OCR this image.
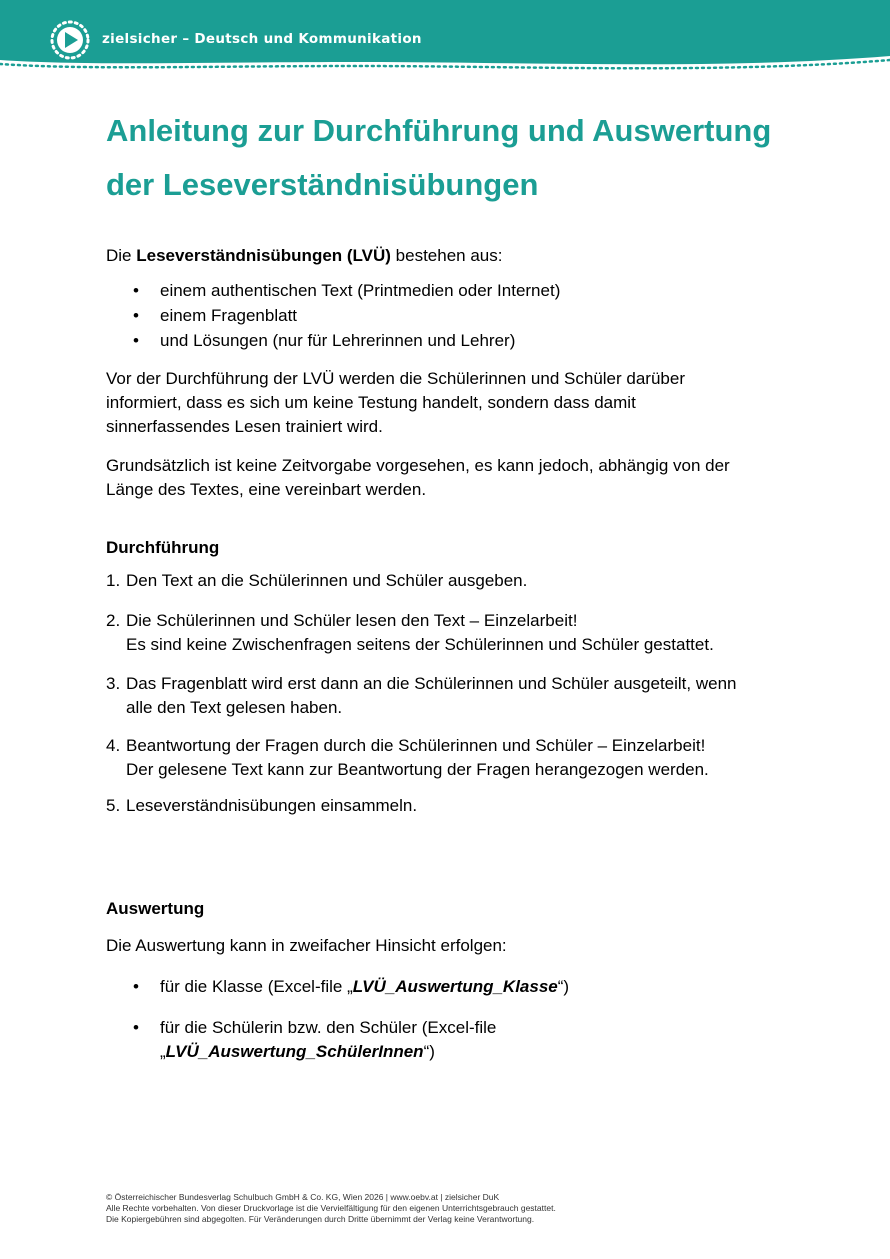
zielsicher – Deutsch und Kommunikation
Anleitung zur Durchführung und Auswertung
der Leseverständnisübungen
Die Leseverständnisübungen (LVÜ) bestehen aus:
• einem authentischen Text (Printmedien oder Internet)
• einem Fragenblatt
• und Lösungen (nur für Lehrerinnen und Lehrer)
Vor der Durchführung der LVÜ werden die Schülerinnen und Schüler darüber
informiert, dass es sich um keine Testung handelt, sondern dass damit
sinnerfassendes Lesen trainiert wird.
Grundsätzlich ist keine Zeitvorgabe vorgesehen, es kann jedoch, abhängig von der
Länge des Textes, eine vereinbart werden.
Durchführung
1. Den Text an die Schülerinnen und Schüler ausgeben.
2. Die Schülerinnen und Schüler lesen den Text – Einzelarbeit!
Es sind keine Zwischenfragen seitens der Schülerinnen und Schüler gestattet.
3. Das Fragenblatt wird erst dann an die Schülerinnen und Schüler ausgeteilt, wenn
alle den Text gelesen haben.
4. Beantwortung der Fragen durch die Schülerinnen und Schüler – Einzelarbeit!
Der gelesene Text kann zur Beantwortung der Fragen herangezogen werden.
5. Leseverständnisübungen einsammeln.
Auswertung
Die Auswertung kann in zweifacher Hinsicht erfolgen:
• für die Klasse (Excel-file „LVÜ_Auswertung_Klasse“)
• für die Schülerin bzw. den Schüler (Excel-file
„LVÜ_Auswertung_SchülerInnen“)
© Österreichischer Bundesverlag Schulbuch GmbH & Co. KG, Wien 2026 | www.oebv.at | zielsicher DuK
Alle Rechte vorbehalten. Von dieser Druckvorlage ist die Vervielfältigung für den eigenen Unterrichtsgebrauch gestattet.
Die Kopiergebühren sind abgegolten. Für Veränderungen durch Dritte übernimmt der Verlag keine Verantwortung.
